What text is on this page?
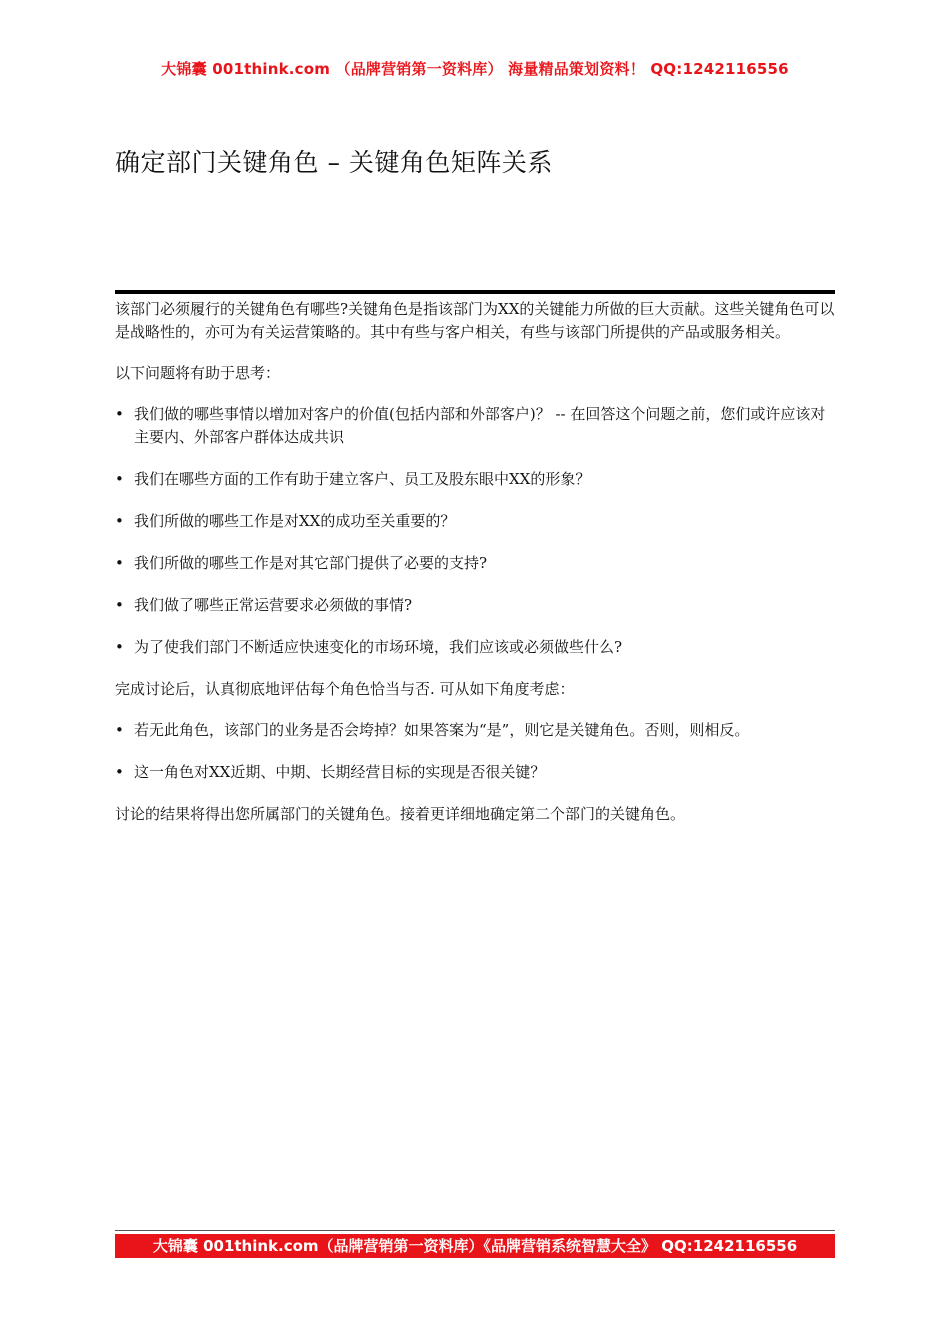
大锦囊 001think.com （品牌营销第一资料库） 海量精品策划资料！ QQ:1242116556
确定部门关键角色 – 关键角色矩阵关系

该部门必须履行的关键角色有哪些?关键角色是指该部门为XX的关键能力所做的巨大贡献。这些关键角色可以是战略性的，亦可为有关运营策略的。其中有些与客户相关，有些与该部门所提供的产品或服务相关。

以下问题将有助于思考：

• 我们做的哪些事情以增加对客户的价值(包括内部和外部客户)？ -- 在回答这个问题之前，您们或许应该对主要内、外部客户群体达成共识
• 我们在哪些方面的工作有助于建立客户、员工及股东眼中XX的形象？
• 我们所做的哪些工作是对XX的成功至关重要的？
• 我们所做的哪些工作是对其它部门提供了必要的支持?
• 我们做了哪些正常运营要求必须做的事情?
• 为了使我们部门不断适应快速变化的市场环境，我们应该或必须做些什么?

完成讨论后，认真彻底地评估每个角色恰当与否. 可从如下角度考虑：

• 若无此角色，该部门的业务是否会垮掉？如果答案为“是”，则它是关键角色。否则，则相反。
• 这一角色对XX近期、中期、长期经营目标的实现是否很关键？

讨论的结果将得出您所属部门的关键角色。接着更详细地确定第二个部门的关键角色。

大锦囊 001think.com（品牌营销第一资料库）《品牌营销系统智慧大全》 QQ:1242116556
